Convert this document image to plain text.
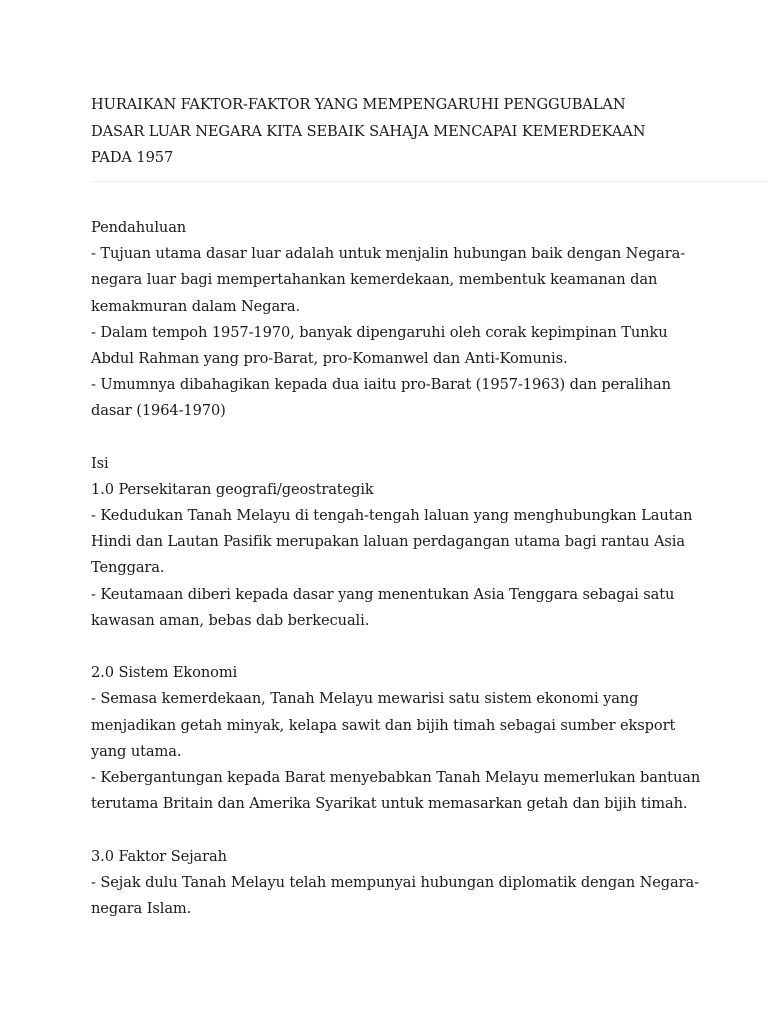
HURAIKAN FAKTOR-FAKTOR YANG MEMPENGARUHI PENGGUBALAN
DASAR LUAR NEGARA KITA SEBAIK SAHAJA MENCAPAI KEMERDEKAAN
PADA 1957
Pendahuluan
- Tujuan utama dasar luar adalah untuk menjalin hubungan baik dengan Negara-
negara luar bagi mempertahankan kemerdekaan, membentuk keamanan dan
kemakmuran dalam Negara.
- Dalam tempoh 1957-1970, banyak dipengaruhi oleh corak kepimpinan Tunku
Abdul Rahman yang pro-Barat, pro-Komanwel dan Anti-Komunis.
- Umumnya dibahagikan kepada dua iaitu pro-Barat (1957-1963) dan peralihan
dasar (1964-1970)
Isi
1.0 Persekitaran geografi/geostrategik
- Kedudukan Tanah Melayu di tengah-tengah laluan yang menghubungkan Lautan
Hindi dan Lautan Pasifik merupakan laluan perdagangan utama bagi rantau Asia
Tenggara.
- Keutamaan diberi kepada dasar yang menentukan Asia Tenggara sebagai satu
kawasan aman, bebas dab berkecuali.
2.0 Sistem Ekonomi
- Semasa kemerdekaan, Tanah Melayu mewarisi satu sistem ekonomi yang
menjadikan getah minyak, kelapa sawit dan bijih timah sebagai sumber eksport
yang utama.
- Kebergantungan kepada Barat menyebabkan Tanah Melayu memerlukan bantuan
terutama Britain dan Amerika Syarikat untuk memasarkan getah dan bijih timah.
3.0 Faktor Sejarah
- Sejak dulu Tanah Melayu telah mempunyai hubungan diplomatik dengan Negara-
negara Islam.
